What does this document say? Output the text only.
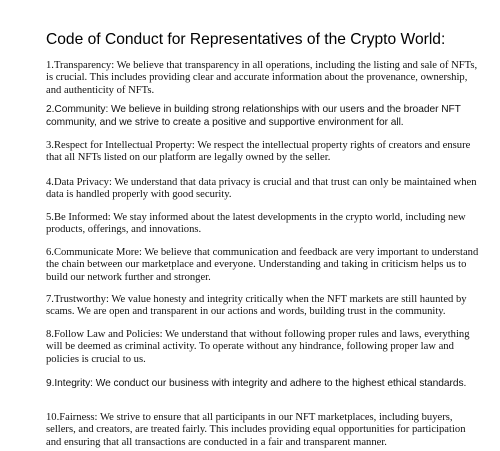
Code of Conduct for Representatives of the Crypto World:

1.Transparency: We believe that transparency in all operations, including the listing and sale of NFTs, is crucial. This includes providing clear and accurate information about the provenance, ownership, and authenticity of NFTs.

2.Community: We believe in building strong relationships with our users and the broader NFT community, and we strive to create a positive and supportive environment for all.

3.Respect for Intellectual Property: We respect the intellectual property rights of creators and ensure that all NFTs listed on our platform are legally owned by the seller.

4.Data Privacy: We understand that data privacy is crucial and that trust can only be maintained when data is handled properly with good security.

5.Be Informed: We stay informed about the latest developments in the crypto world, including new products, offerings, and innovations.

6.Communicate More: We believe that communication and feedback are very important to understand the chain between our marketplace and everyone. Understanding and taking in criticism helps us to build our network further and stronger.

7.Trustworthy: We value honesty and integrity critically when the NFT markets are still haunted by scams. We are open and transparent in our actions and words, building trust in the community.

8.Follow Law and Policies: We understand that without following proper rules and laws, everything will be deemed as criminal activity. To operate without any hindrance, following proper law and policies is crucial to us.

9.Integrity: We conduct our business with integrity and adhere to the highest ethical standards.

10.Fairness: We strive to ensure that all participants in our NFT marketplaces, including buyers, sellers, and creators, are treated fairly. This includes providing equal opportunities for participation and ensuring that all transactions are conducted in a fair and transparent manner.
